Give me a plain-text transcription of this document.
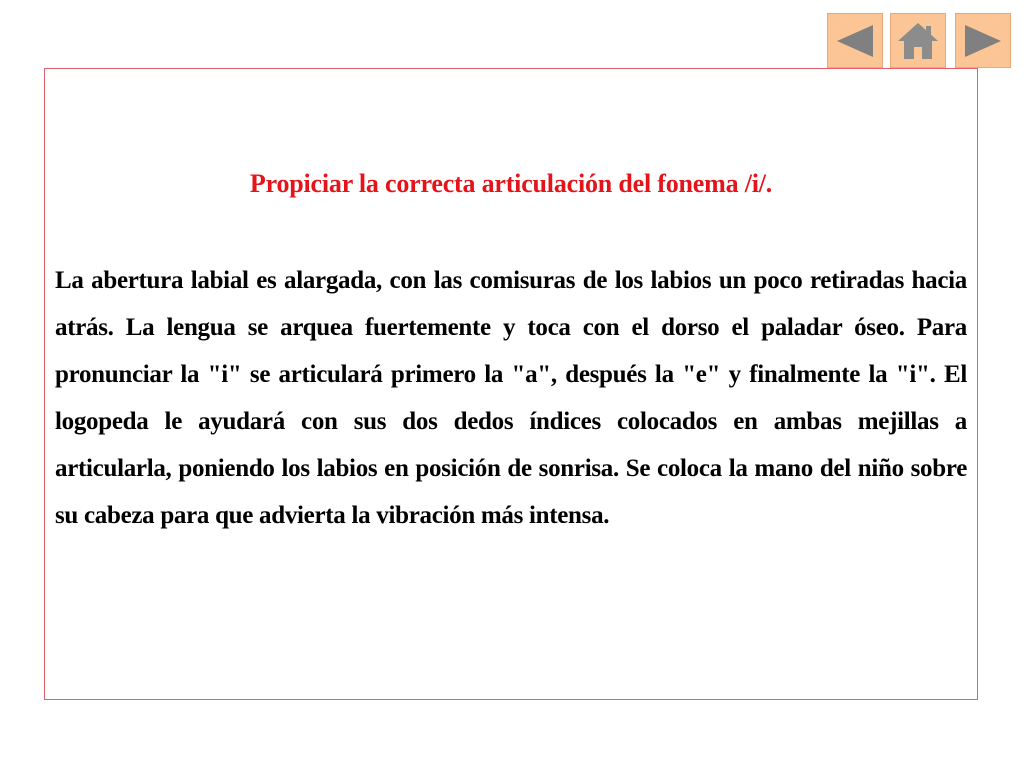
Propiciar la correcta articulación del fonema /i/.
La abertura labial es alargada, con las comisuras de los labios un poco retiradas hacia atrás. La lengua se arquea fuertemente y toca con el dorso el paladar óseo. Para pronunciar la "i" se articulará primero la "a", después la "e" y finalmente la "i". El logopeda le ayudará con sus dos dedos índices colocados en ambas mejillas a articularla, poniendo los labios en posición de sonrisa. Se coloca la mano del niño sobre su cabeza para que advierta la vibración más intensa.
